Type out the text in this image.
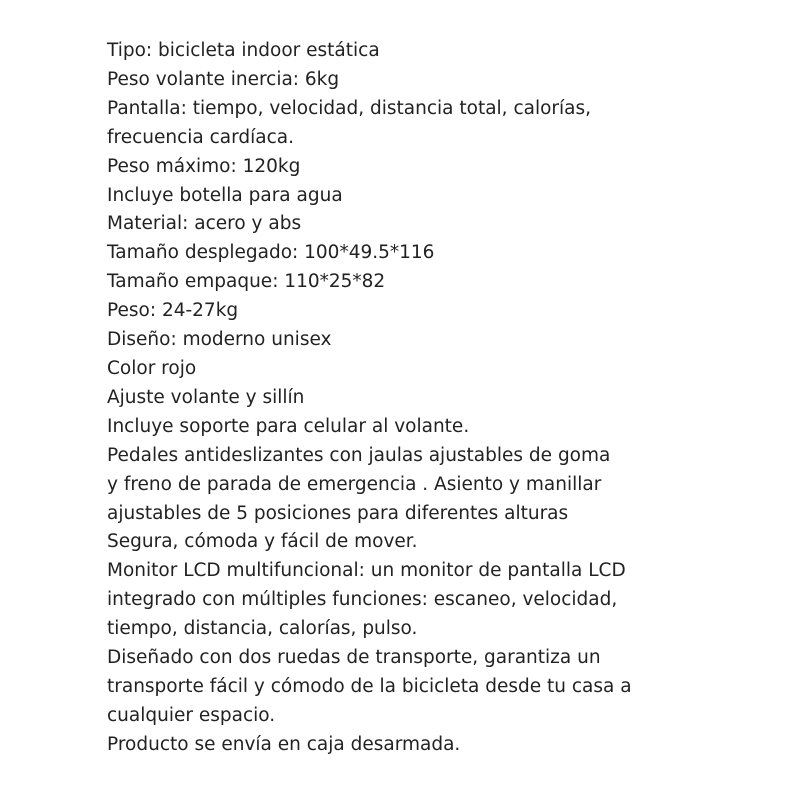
Tipo: bicicleta indoor estática
Peso volante inercia: 6kg
Pantalla: tiempo, velocidad, distancia total, calorías,
frecuencia cardíaca.
Peso máximo: 120kg
Incluye botella para agua
Material: acero y abs
Tamaño desplegado: 100*49.5*116
Tamaño empaque: 110*25*82
Peso: 24-27kg
Diseño: moderno unisex
Color rojo
Ajuste volante y sillín
Incluye soporte para celular al volante.
Pedales antideslizantes con jaulas ajustables de goma
y freno de parada de emergencia . Asiento y manillar
ajustables de 5 posiciones para diferentes alturas
Segura, cómoda y fácil de mover.
Monitor LCD multifuncional: un monitor de pantalla LCD
integrado con múltiples funciones: escaneo, velocidad,
tiempo, distancia, calorías, pulso.
Diseñado con dos ruedas de transporte, garantiza un
transporte fácil y cómodo de la bicicleta desde tu casa a
cualquier espacio.
Producto se envía en caja desarmada.
